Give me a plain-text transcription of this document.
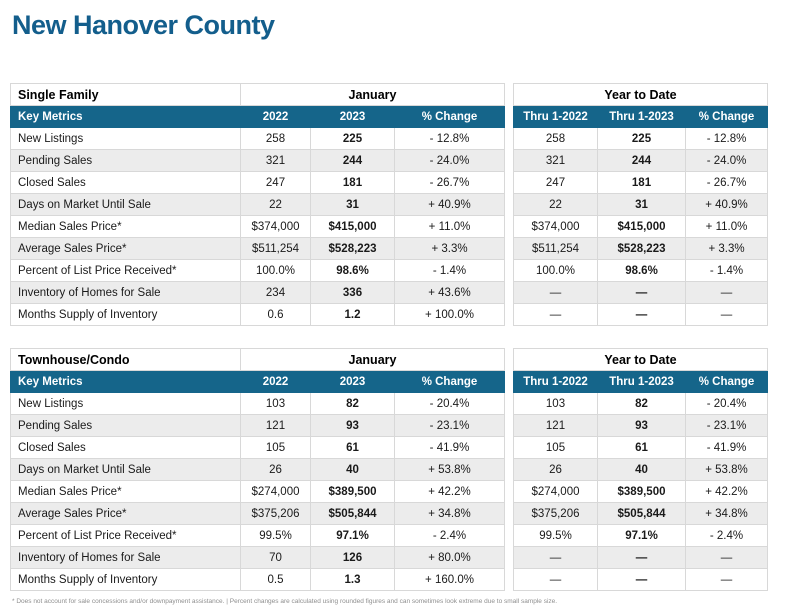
New Hanover County
Single Family	January				Year to Date		
Key Metrics	2022	2023	% Change		Thru 1-2022	Thru 1-2023	% Change
New Listings	258	225	- 12.8%		258	225	- 12.8%
Pending Sales	321	244	- 24.0%		321	244	- 24.0%
Closed Sales	247	181	- 26.7%		247	181	- 26.7%
Days on Market Until Sale	22	31	+ 40.9%		22	31	+ 40.9%
Median Sales Price*	$374,000	$415,000	+ 11.0%		$374,000	$415,000	+ 11.0%
Average Sales Price*	$511,254	$528,223	+ 3.3%		$511,254	$528,223	+ 3.3%
Percent of List Price Received*	100.0%	98.6%	- 1.4%		100.0%	98.6%	- 1.4%
Inventory of Homes for Sale	234	336	+ 43.6%		—	—	—
Months Supply of Inventory	0.6	1.2	+ 100.0%		—	—	—
Townhouse/Condo	January				Year to Date		
Key Metrics	2022	2023	% Change		Thru 1-2022	Thru 1-2023	% Change
New Listings	103	82	- 20.4%		103	82	- 20.4%
Pending Sales	121	93	- 23.1%		121	93	- 23.1%
Closed Sales	105	61	- 41.9%		105	61	- 41.9%
Days on Market Until Sale	26	40	+ 53.8%		26	40	+ 53.8%
Median Sales Price*	$274,000	$389,500	+ 42.2%		$274,000	$389,500	+ 42.2%
Average Sales Price*	$375,206	$505,844	+ 34.8%		$375,206	$505,844	+ 34.8%
Percent of List Price Received*	99.5%	97.1%	- 2.4%		99.5%	97.1%	- 2.4%
Inventory of Homes for Sale	70	126	+ 80.0%		—	—	—
Months Supply of Inventory	0.5	1.3	+ 160.0%		—	—	—
* Does not account for sale concessions and/or downpayment assistance. | Percent changes are calculated using rounded figures and can sometimes look extreme due to small sample size.
